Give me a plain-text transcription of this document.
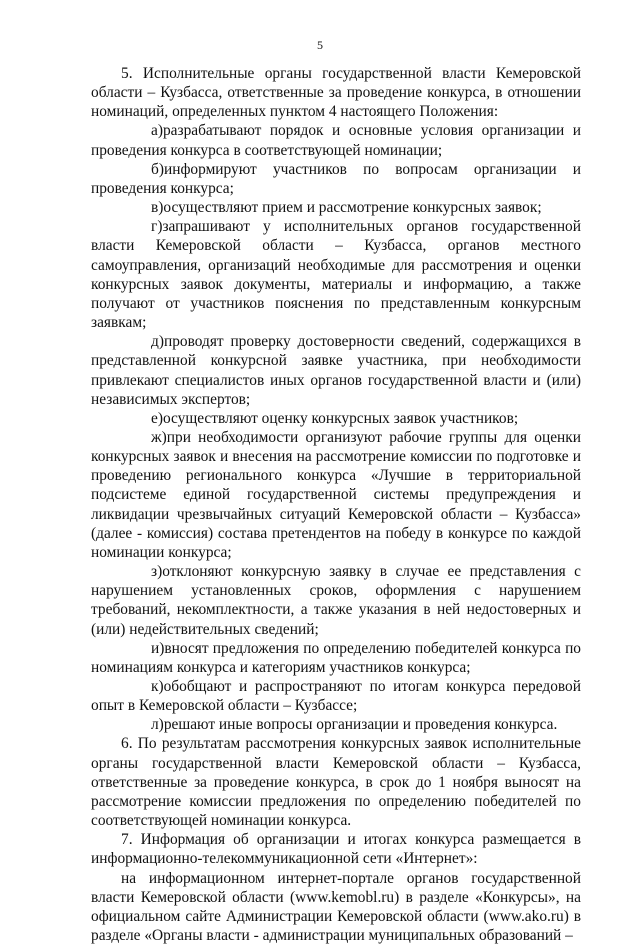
5

5. Исполнительные органы государственной власти Кемеровской области – Кузбасса, ответственные за проведение конкурса, в отношении номинаций, определенных пунктом 4 настоящего Положения:

а)разрабатывают порядок и основные условия организации и проведения конкурса в соответствующей номинации;

б)информируют участников по вопросам организации и проведения конкурса;

в)осуществляют прием и рассмотрение конкурсных заявок;

г)запрашивают у исполнительных органов государственной власти Кемеровской области – Кузбасса, органов местного самоуправления, организаций необходимые для рассмотрения и оценки конкурсных заявок документы, материалы и информацию, а также получают от участников пояснения по представленным конкурсным заявкам;

д)проводят проверку достоверности сведений, содержащихся в представленной конкурсной заявке участника, при необходимости привлекают специалистов иных органов государственной власти и (или) независимых экспертов;

е)осуществляют оценку конкурсных заявок участников;

ж)при необходимости организуют рабочие группы для оценки конкурсных заявок и внесения на рассмотрение комиссии по подготовке и проведению регионального конкурса «Лучшие в территориальной подсистеме единой государственной системы предупреждения и ликвидации чрезвычайных ситуаций Кемеровской области – Кузбасса» (далее - комиссия) состава претендентов на победу в конкурсе по каждой номинации конкурса;

з)отклоняют конкурсную заявку в случае ее представления с нарушением установленных сроков, оформления с нарушением требований, некомплектности, а также указания в ней недостоверных и (или) недействительных сведений;

и)вносят предложения по определению победителей конкурса по номинациям конкурса и категориям участников конкурса;

к)обобщают и распространяют по итогам конкурса передовой опыт в Кемеровской области – Кузбассе;

л)решают иные вопросы организации и проведения конкурса.

6. По результатам рассмотрения конкурсных заявок исполнительные органы государственной власти Кемеровской области – Кузбасса, ответственные за проведение конкурса, в срок до 1 ноября выносят на рассмотрение комиссии предложения по определению победителей по соответствующей номинации конкурса.

7. Информация об организации и итогах конкурса размещается в информационно-телекоммуникационной сети «Интернет»:

на информационном интернет-портале органов государственной власти Кемеровской области (www.kemobl.ru) в разделе «Конкурсы», на официальном сайте Администрации Кемеровской области (www.ako.ru) в разделе «Органы власти - администрации муниципальных образований –
